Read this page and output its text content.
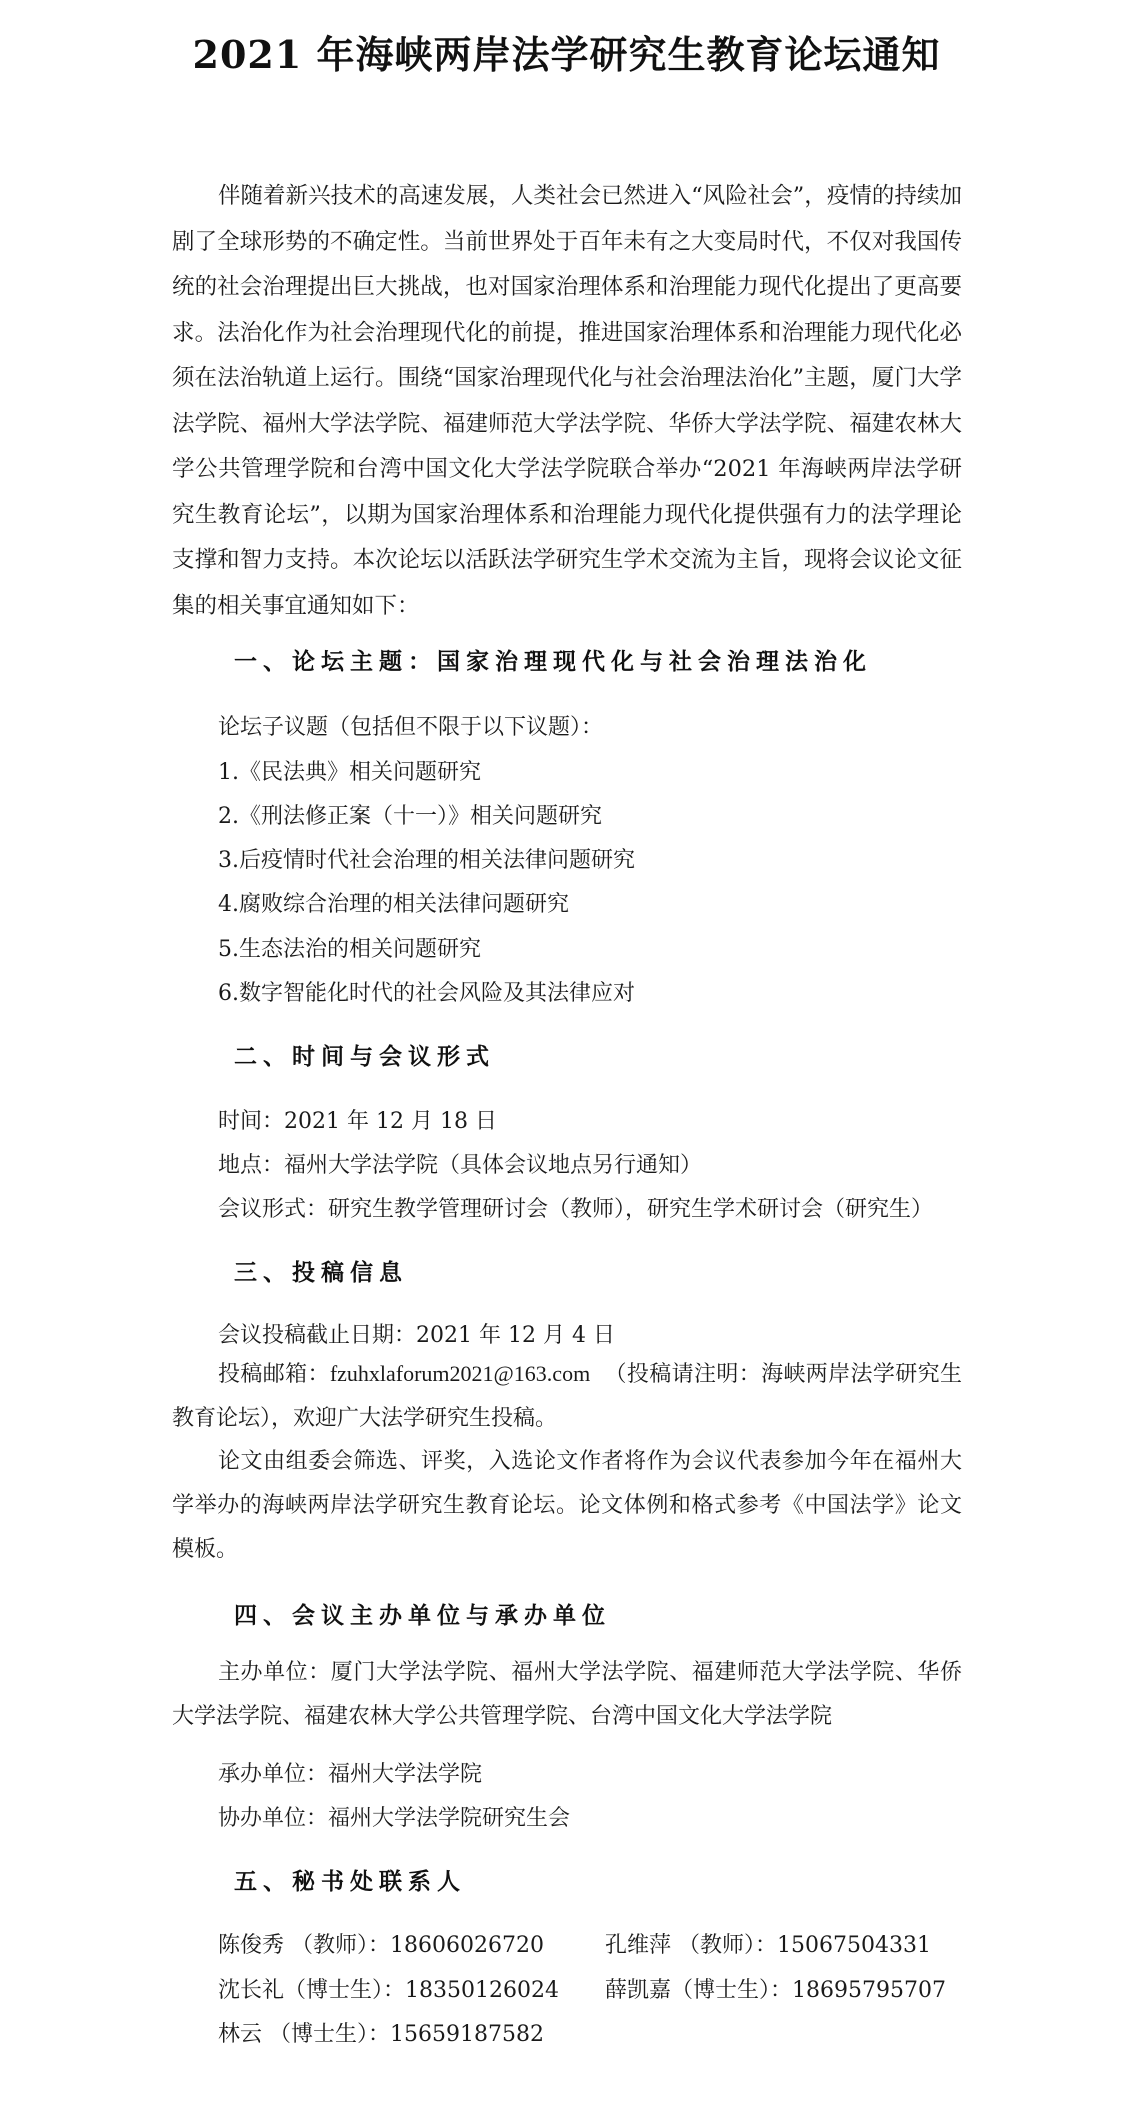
2021 年海峡两岸法学研究生教育论坛通知
伴随着新兴技术的高速发展，人类社会已然进入“风险社会”，疫情的持续加剧了全球形势的不确定性。当前世界处于百年未有之大变局时代，不仅对我国传统的社会治理提出巨大挑战，也对国家治理体系和治理能力现代化提出了更高要求。法治化作为社会治理现代化的前提，推进国家治理体系和治理能力现代化必须在法治轨道上运行。围绕“国家治理现代化与社会治理法治化”主题，厦门大学法学院、福州大学法学院、福建师范大学法学院、华侨大学法学院、福建农林大学公共管理学院和台湾中国文化大学法学院联合举办“2021 年海峡两岸法学研究生教育论坛”，以期为国家治理体系和治理能力现代化提供强有力的法学理论支撑和智力支持。本次论坛以活跃法学研究生学术交流为主旨，现将会议论文征集的相关事宜通知如下：
一、论坛主题：国家治理现代化与社会治理法治化
论坛子议题（包括但不限于以下议题）：
1.《民法典》相关问题研究
2.《刑法修正案（十一）》相关问题研究
3.后疫情时代社会治理的相关法律问题研究
4.腐败综合治理的相关法律问题研究
5.生态法治的相关问题研究
6.数字智能化时代的社会风险及其法律应对
二、时间与会议形式
时间：2021 年 12 月 18 日
地点：福州大学法学院（具体会议地点另行通知）
会议形式：研究生教学管理研讨会（教师），研究生学术研讨会（研究生）
三、投稿信息
会议投稿截止日期：2021 年 12 月 4 日
投稿邮箱：fzuhxlaforum2021@163.com （投稿请注明：海峡两岸法学研究生教育论坛），欢迎广大法学研究生投稿。
论文由组委会筛选、评奖，入选论文作者将作为会议代表参加今年在福州大学举办的海峡两岸法学研究生教育论坛。论文体例和格式参考《中国法学》论文模板。
四、会议主办单位与承办单位
主办单位：厦门大学法学院、福州大学法学院、福建师范大学法学院、华侨大学法学院、福建农林大学公共管理学院、台湾中国文化大学法学院
承办单位：福州大学法学院
协办单位：福州大学法学院研究生会
五、秘书处联系人
陈俊秀 （教师）：18606026720	孔维萍 （教师）：15067504331
沈长礼（博士生）：18350126024 薛凯嘉（博士生）：18695795707
林云 （博士生）：15659187582
